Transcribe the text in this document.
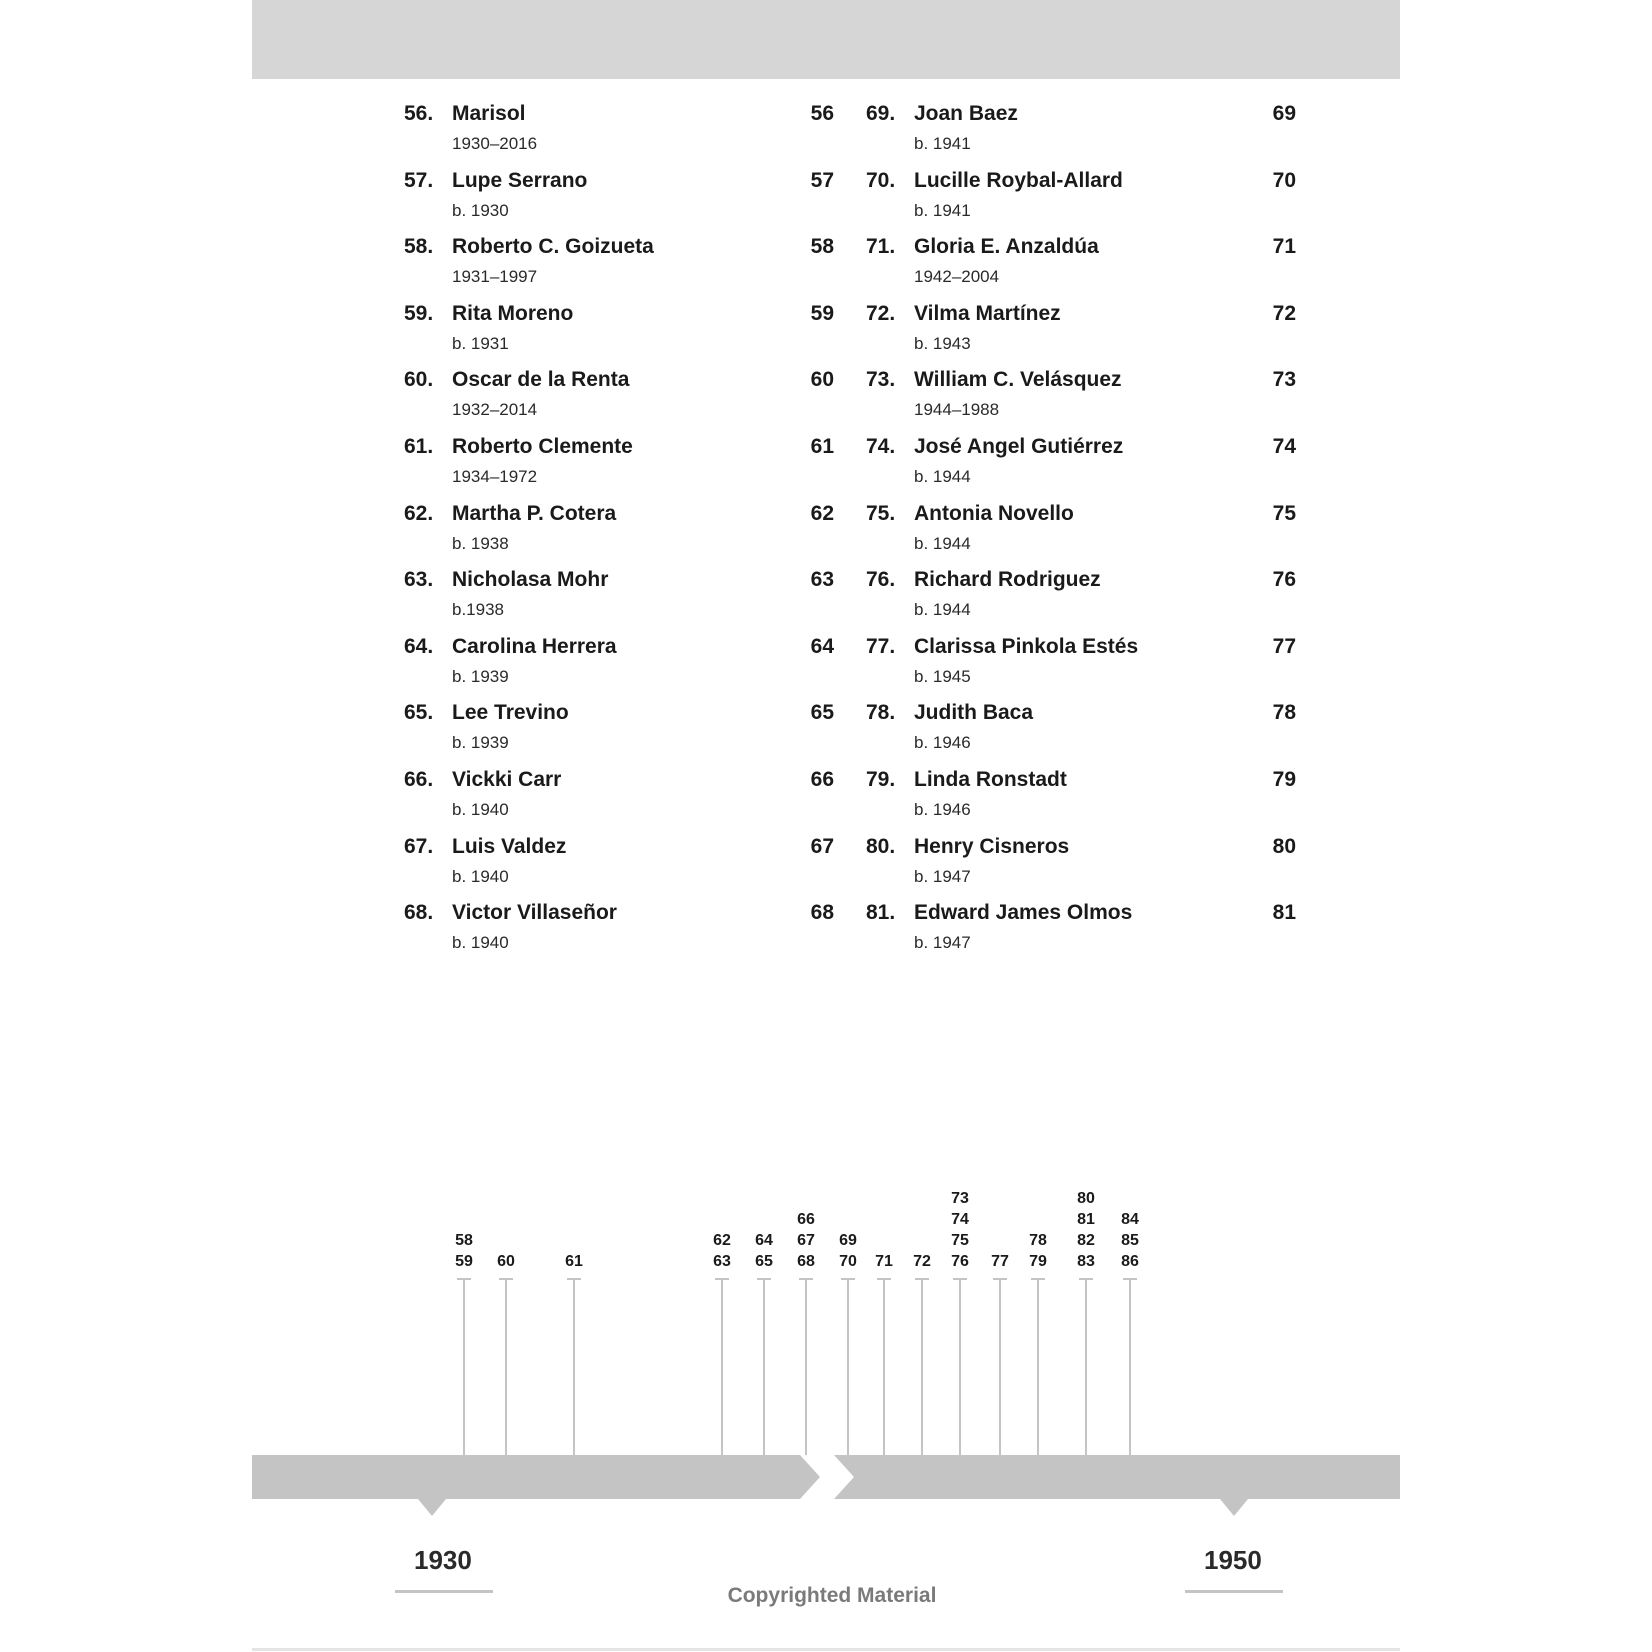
56. Marisol
1930–2016
56
57. Lupe Serrano
b. 1930
57
58. Roberto C. Goizueta
1931–1997
58
59. Rita Moreno
b. 1931
59
60. Oscar de la Renta
1932–2014
60
61. Roberto Clemente
1934–1972
61
62. Martha P. Cotera
b. 1938
62
63. Nicholasa Mohr
b.1938
63
64. Carolina Herrera
b. 1939
64
65. Lee Trevino
b. 1939
65
66. Vickki Carr
b. 1940
66
67. Luis Valdez
b. 1940
67
68. Victor Villaseñor
b. 1940
68
69. Joan Baez
b. 1941
69
70. Lucille Roybal-Allard
b. 1941
70
71. Gloria E. Anzaldúa
1942–2004
71
72. Vilma Martínez
b. 1943
72
73. William C. Velásquez
1944–1988
73
74. José Angel Gutiérrez
b. 1944
74
75. Antonia Novello
b. 1944
75
76. Richard Rodriguez
b. 1944
76
77. Clarissa Pinkola Estés
b. 1945
77
78. Judith Baca
b. 1946
78
79. Linda Ronstadt
b. 1946
79
80. Henry Cisneros
b. 1947
80
81. Edward James Olmos
b. 1947
81
1930	1950
58
59	60	61
62
63
64
65
66
67
68
69
70	71	72
73
74
75
76	77
78
79
80
81
82
83
84
85
86
Copyrighted Material
